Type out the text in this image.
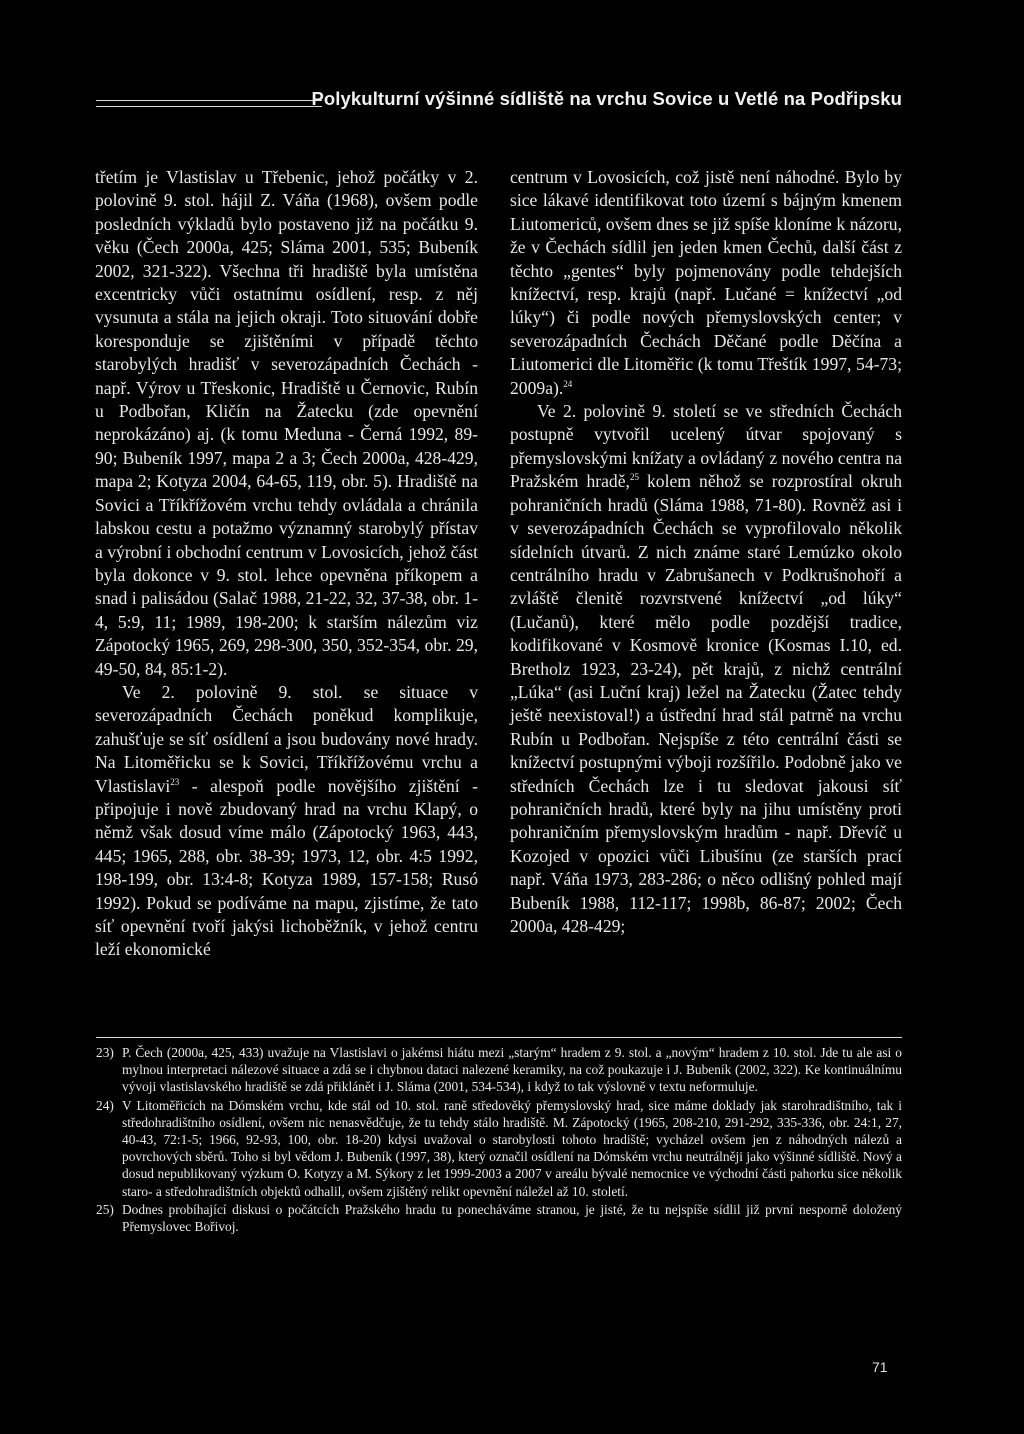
Polykulturní výšinné sídliště na vrchu Sovice u Vetlé na Podřipsku

třetím je Vlastislav u Třebenic, jehož počátky v 2. polovině 9. stol. hájil Z. Váňa (1968), ovšem podle posledních výkladů bylo postaveno již na počátku 9. věku (Čech 2000a, 425; Sláma 2001, 535; Bubeník 2002, 321-322). Všechna tři hradiště byla umístěna excentricky vůči ostatnímu osídlení, resp. z něj vysunuta a stála na jejich okraji. Toto situování dobře koresponduje se zjištěními v případě těchto starobylých hradišť v severozápadních Čechách - např. Výrov u Třeskonic, Hradiště u Černovic, Rubín u Podbořan, Kličín na Žatecku (zde opevnění neprokázáno) aj. (k tomu Meduna - Černá 1992, 89-90; Bubeník 1997, mapa 2 a 3; Čech 2000a, 428-429, mapa 2; Kotyza 2004, 64-65, 119, obr. 5). Hradiště na Sovici a Tříkřížovém vrchu tehdy ovládala a chránila labskou cestu a potažmo významný starobylý přístav a výrobní i obchodní centrum v Lovosicích, jehož část byla dokonce v 9. stol. lehce opevněna příkopem a snad i palisádou (Salač 1988, 21-22, 32, 37-38, obr. 1-4, 5:9, 11; 1989, 198-200; k starším nálezům viz Zápotocký 1965, 269, 298-300, 350, 352-354, obr. 29, 49-50, 84, 85:1-2).

Ve 2. polovině 9. stol. se situace v severozápadních Čechách poněkud komplikuje, zahušťuje se síť osídlení a jsou budovány nové hrady. Na Litoměřicku se k Sovici, Tříkřížovému vrchu a Vlastislavi$^{23}$ - alespoň podle novějšího zjištění - připojuje i nově zbudovaný hrad na vrchu Klapý, o němž však dosud víme málo (Zápotocký 1963, 443, 445; 1965, 288, obr. 38-39; 1973, 12, obr. 4:5 1992, 198-199, obr. 13:4-8; Kotyza 1989, 157-158; Rusó 1992). Pokud se podíváme na mapu, zjistíme, že tato síť opevnění tvoří jakýsi lichoběžník, v jehož centru leží ekonomické

centrum v Lovosicích, což jistě není náhodné. Bylo by sice lákavé identifikovat toto území s bájným kmenem Liutomericů, ovšem dnes se již spíše kloníme k názoru, že v Čechách sídlil jen jeden kmen Čechů, další část z těchto „gentes“ byly pojmenovány podle tehdejších knížectví, resp. krajů (např. Lučané = knížectví „od lúky“) či podle nových přemyslovských center; v severozápadních Čechách Děčané podle Děčína a Liutomerici dle Litoměřic (k tomu Třeštík 1997, 54-73; 2009a).$^{24}$

Ve 2. polovině 9. století se ve středních Čechách postupně vytvořil ucelený útvar spojovaný s přemyslovskými knížaty a ovládaný z nového centra na Pražském hradě,$^{25}$ kolem něhož se rozprostíral okruh pohraničních hradů (Sláma 1988, 71-80). Rovněž asi i v severozápadních Čechách se vyprofilovalo několik sídelních útvarů. Z nich známe staré Lemúzko okolo centrálního hradu v Zabrušanech v Podkrušnohoří a zvláště členitě rozvrstvené knížectví „od lúky“ (Lučanů), které mělo podle pozdější tradice, kodifikované v Kosmově kronice (Kosmas I.10, ed. Bretholz 1923, 23-24), pět krajů, z nichž centrální „Lúka“ (asi Luční kraj) ležel na Žatecku (Žatec tehdy ještě neexistoval!) a ústřední hrad stál patrně na vrchu Rubín u Podbořan. Nejspíše z této centrální části se knížectví postupnými výboji rozšířilo. Podobně jako ve středních Čechách lze i tu sledovat jakousi síť pohraničních hradů, které byly na jihu umístěny proti pohraničním přemyslovským hradům - např. Dřevíč u Kozojed v opozici vůči Libušínu (ze starších prací např. Váňa 1973, 283-286; o něco odlišný pohled mají Bubeník 1988, 112-117; 1998b, 86-87; 2002; Čech 2000a, 428-429;

23) P. Čech (2000a, 425, 433) uvažuje na Vlastislavi o jakémsi hiátu mezi „starým“ hradem z 9. stol. a „novým“ hradem z 10. stol. Jde tu ale asi o mylnou interpretaci nálezové situace a zdá se i chybnou dataci nalezené keramiky, na což poukazuje i J. Bubeník (2002, 322). Ke kontinuálnímu vývoji vlastislavského hradiště se zdá přiklánět i J. Sláma (2001, 534-534), i když to tak výslovně v textu neformuluje.
24) V Litoměřicích na Dómském vrchu, kde stál od 10. stol. raně středověký přemyslovský hrad, sice máme doklady jak starohradištního, tak i středohradištního osídlení, ovšem nic nenasvědčuje, že tu tehdy stálo hradiště. M. Zápotocký (1965, 208-210, 291-292, 335-336, obr. 24:1, 27, 40-43, 72:1-5; 1966, 92-93, 100, obr. 18-20) kdysi uvažoval o starobylosti tohoto hradiště; vycházel ovšem jen z náhodných nálezů a povrchových sběrů. Toho si byl vědom J. Bubeník (1997, 38), který označil osídlení na Dómském vrchu neutrálněji jako výšinné sídliště. Nový a dosud nepublikovaný výzkum O. Kotyzy a M. Sýkory z let 1999-2003 a 2007 v areálu bývalé nemocnice ve východní části pahorku sice několik staro- a středohradištních objektů odhalil, ovšem zjištěný relikt opevnění náležel až 10. století.
25) Dodnes probíhající diskusi o počátcích Pražského hradu tu ponecháváme stranou, je jisté, že tu nejspíše sídlil již první nesporně doložený Přemyslovec Bořivoj.
71
